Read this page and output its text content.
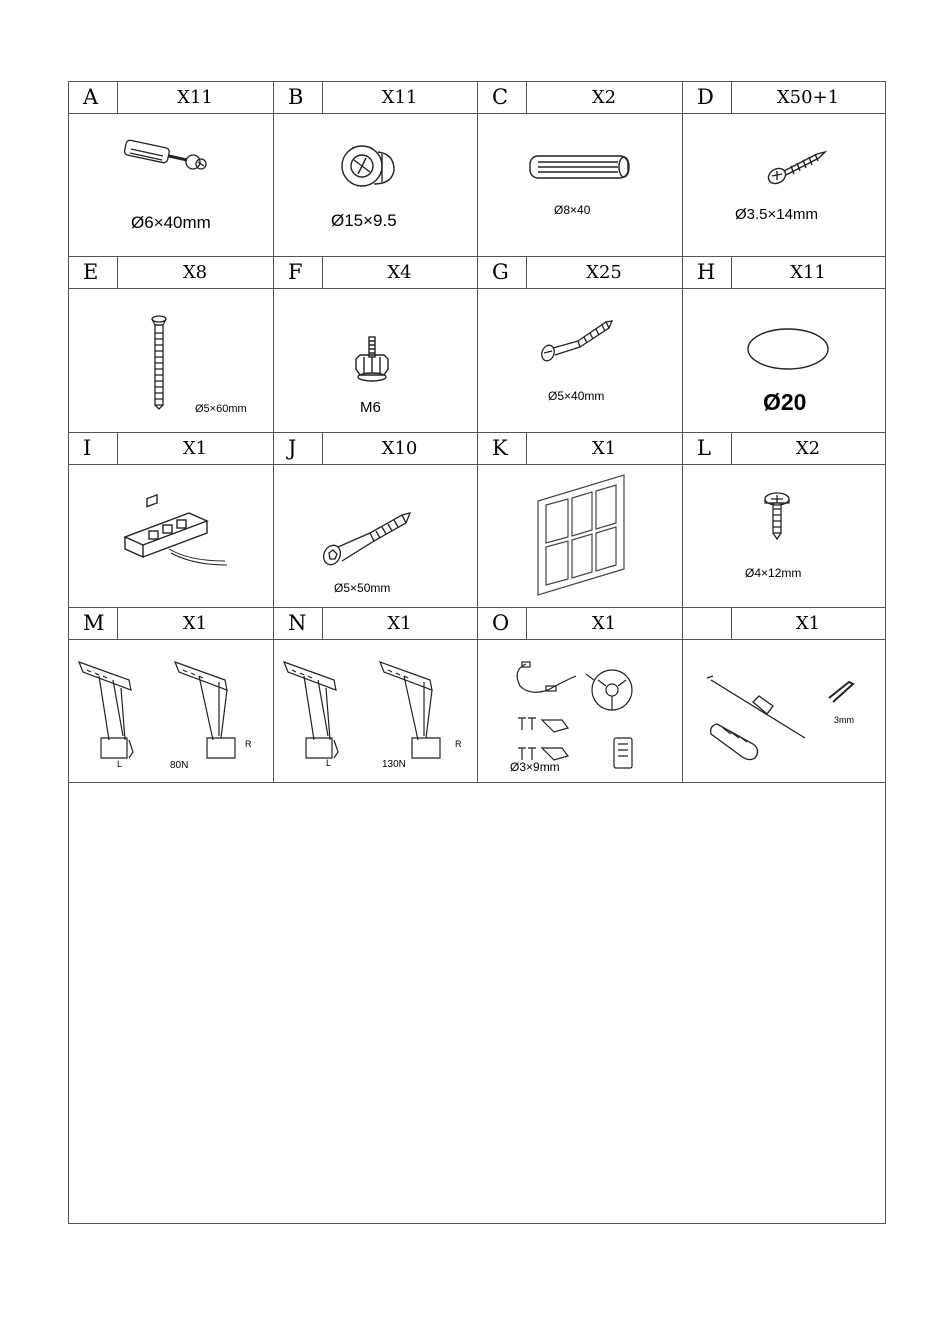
A	X11
Ø6×40mm
B	X11
Ø15×9.5
C	X2
Ø8×40
D	X50+1
Ø3.5×14mm
E	X8
Ø5×60mm
F	X4
M6
G	X25
Ø5×40mm
H	X11
Ø20
I	X1	J	X10
Ø5×50mm
K	X1	L	X2
Ø4×12mm
M	X1
L	80N
R
N	X1
L	130N
R
O	X1
Ø3×9mm
X1
3mm
